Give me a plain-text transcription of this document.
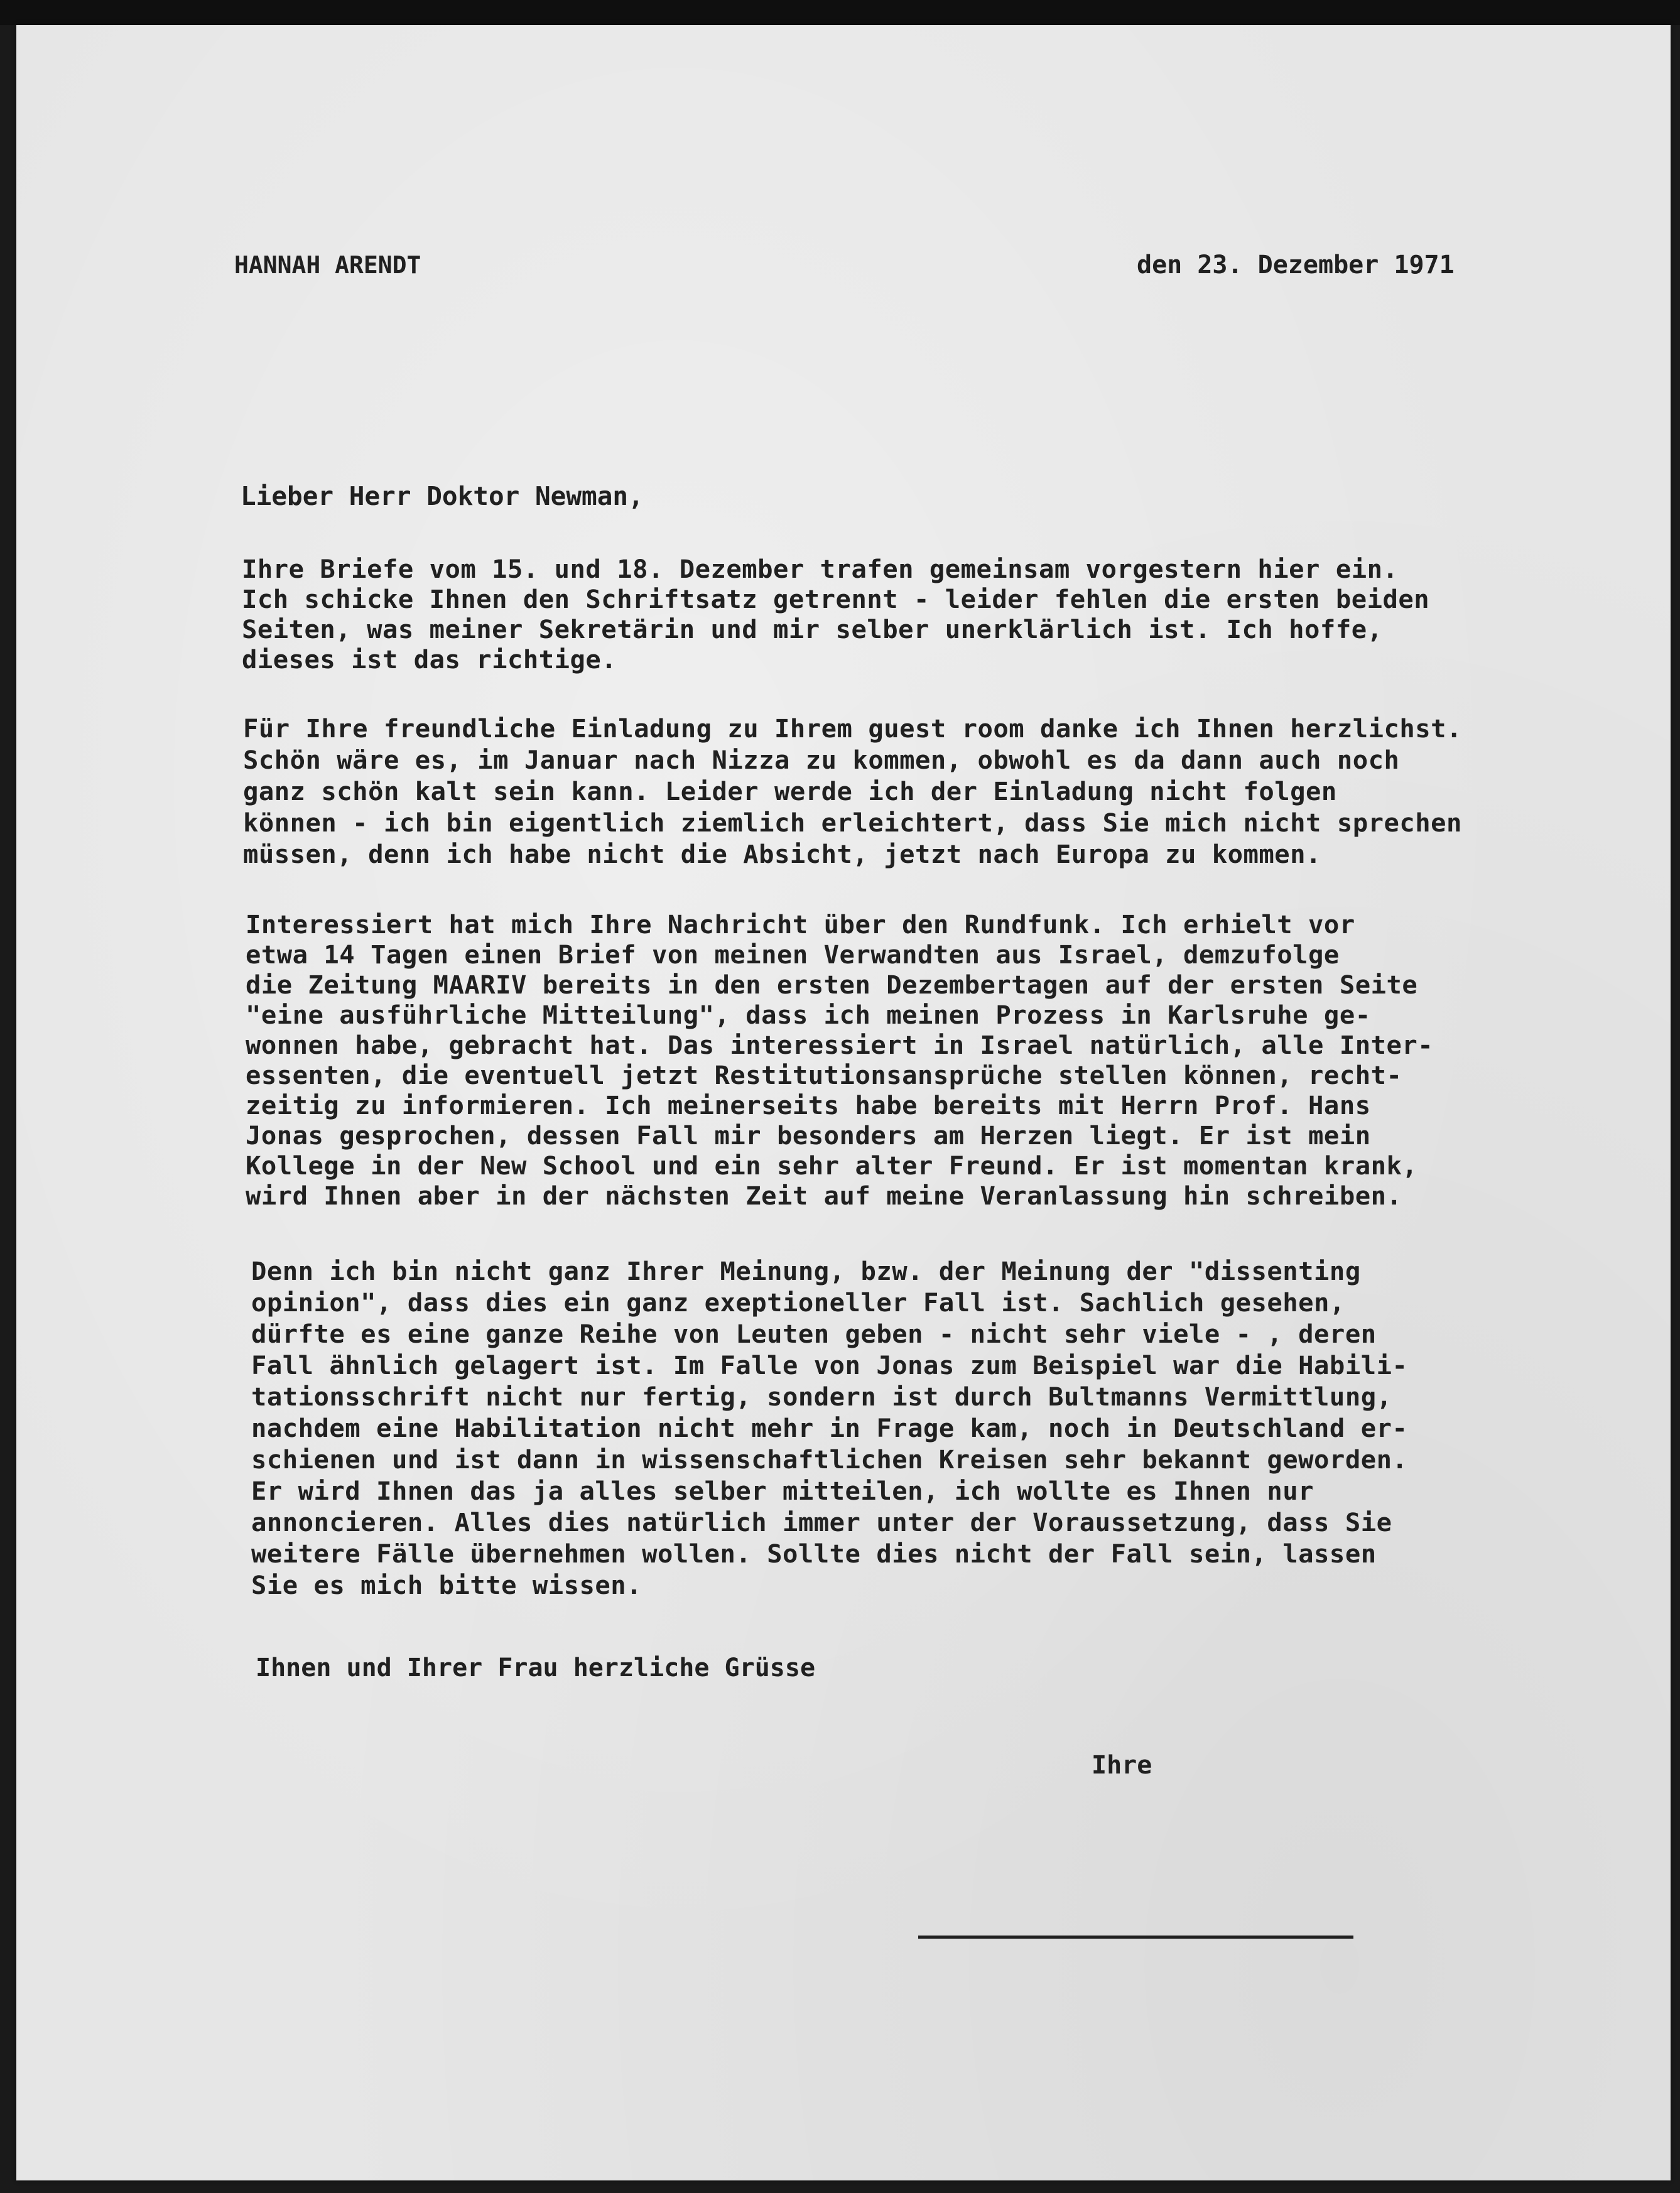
HANNAH ARENDT	den 23. Dezember 1971
Lieber Herr Doktor Newman,
Ihre Briefe vom 15. und 18. Dezember trafen gemeinsam vorgestern hier ein.
Ich schicke Ihnen den Schriftsatz getrennt - leider fehlen die ersten beiden
Seiten, was meiner Sekretärin und mir selber unerklärlich ist. Ich hoffe,
dieses ist das richtige.
Für Ihre freundliche Einladung zu Ihrem guest room danke ich Ihnen herzlichst.
Schön wäre es, im Januar nach Nizza zu kommen, obwohl es da dann auch noch
ganz schön kalt sein kann. Leider werde ich der Einladung nicht folgen
können - ich bin eigentlich ziemlich erleichtert, dass Sie mich nicht sprechen
müssen, denn ich habe nicht die Absicht, jetzt nach Europa zu kommen.
Interessiert hat mich Ihre Nachricht über den Rundfunk. Ich erhielt vor
etwa 14 Tagen einen Brief von meinen Verwandten aus Israel, demzufolge
die Zeitung MAARIV bereits in den ersten Dezembertagen auf der ersten Seite
"eine ausführliche Mitteilung", dass ich meinen Prozess in Karlsruhe ge-
wonnen habe, gebracht hat. Das interessiert in Israel natürlich, alle Inter-
essenten, die eventuell jetzt Restitutionsansprüche stellen können, recht-
zeitig zu informieren. Ich meinerseits habe bereits mit Herrn Prof. Hans
Jonas gesprochen, dessen Fall mir besonders am Herzen liegt. Er ist mein
Kollege in der New School und ein sehr alter Freund. Er ist momentan krank,
wird Ihnen aber in der nächsten Zeit auf meine Veranlassung hin schreiben.
Denn ich bin nicht ganz Ihrer Meinung, bzw. der Meinung der "dissenting
opinion", dass dies ein ganz exeptioneller Fall ist. Sachlich gesehen,
dürfte es eine ganze Reihe von Leuten geben - nicht sehr viele - , deren
Fall ähnlich gelagert ist. Im Falle von Jonas zum Beispiel war die Habili-
tationsschrift nicht nur fertig, sondern ist durch Bultmanns Vermittlung,
nachdem eine Habilitation nicht mehr in Frage kam, noch in Deutschland er-
schienen und ist dann in wissenschaftlichen Kreisen sehr bekannt geworden.
Er wird Ihnen das ja alles selber mitteilen, ich wollte es Ihnen nur
annoncieren. Alles dies natürlich immer unter der Voraussetzung, dass Sie
weitere Fälle übernehmen wollen. Sollte dies nicht der Fall sein, lassen
Sie es mich bitte wissen.
Ihnen und Ihrer Frau herzliche Grüsse
Ihre
